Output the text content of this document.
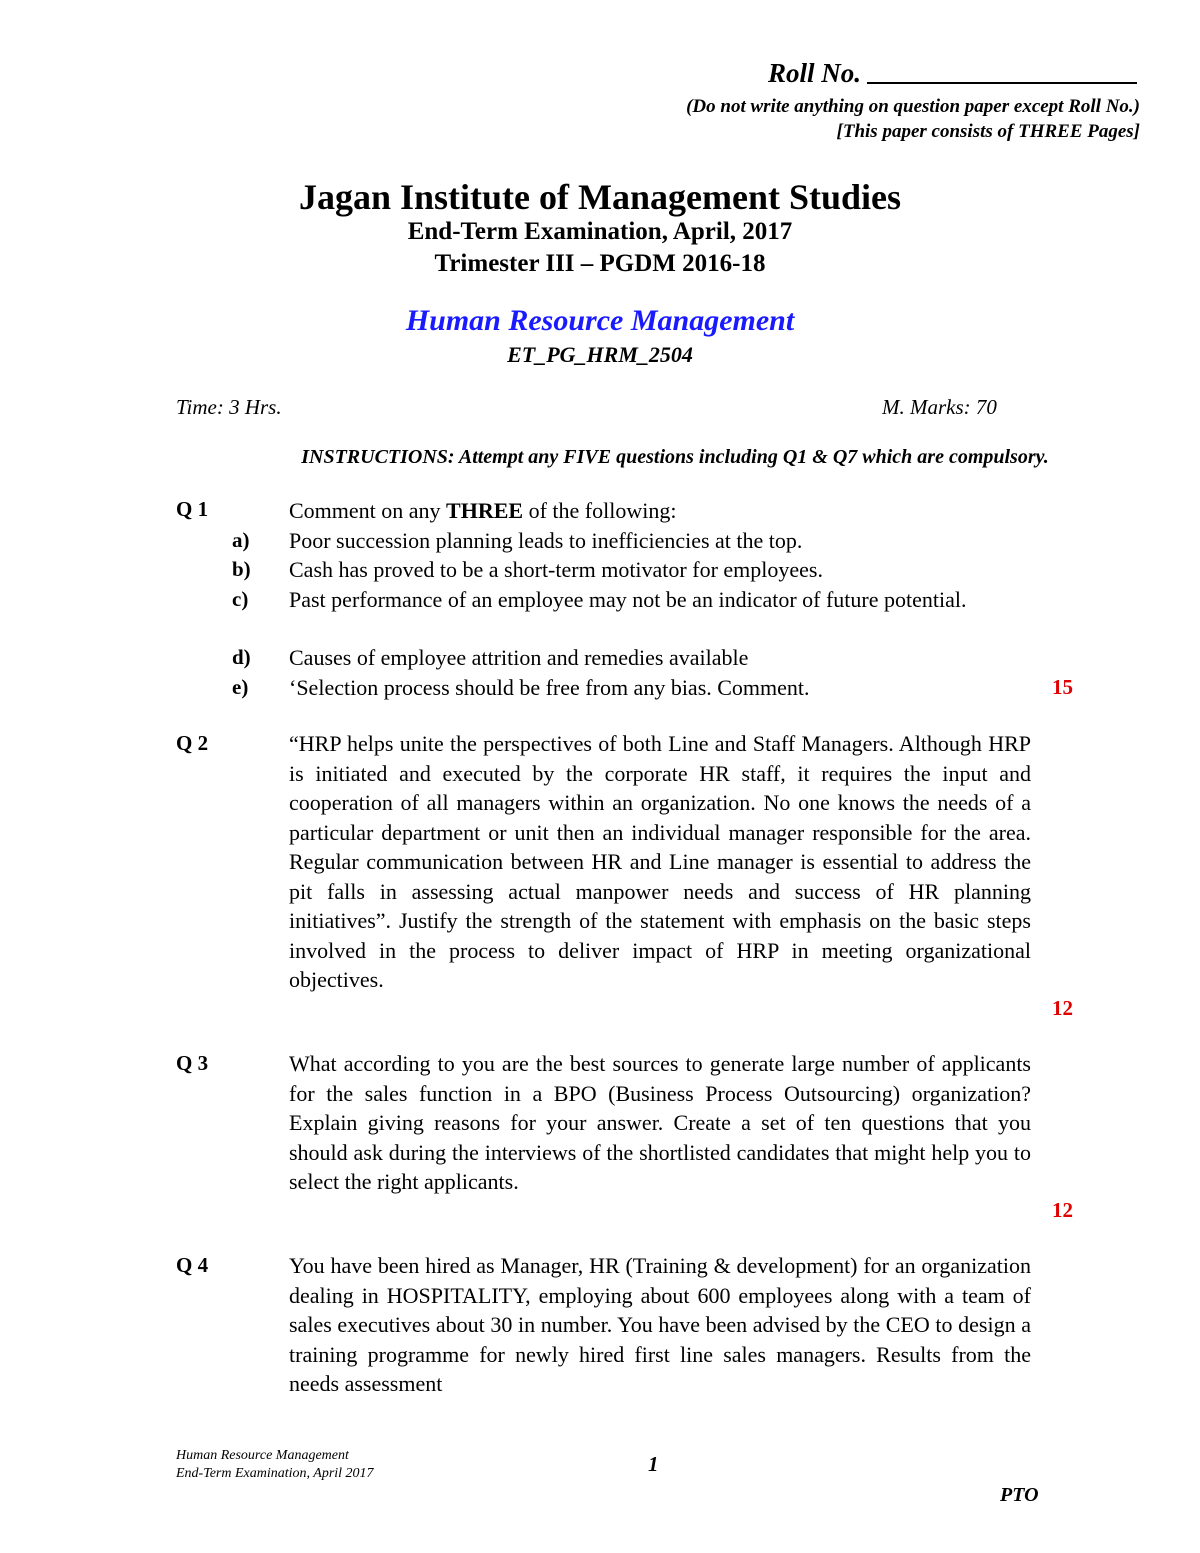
Roll No.
(Do not write anything on question paper except Roll No.)
[This paper consists of THREE Pages]
Jagan Institute of Management Studies
End-Term Examination, April, 2017
Trimester III – PGDM 2016-18
Human Resource Management
ET_PG_HRM_2504
Time: 3 Hrs.	M. Marks: 70
INSTRUCTIONS: Attempt any FIVE questions including Q1 & Q7 which are compulsory.
Q 1	Comment on any THREE of the following:
a) Poor succession planning leads to inefficiencies at the top.
b) Cash has proved to be a short-term motivator for employees.
c) Past performance of an employee may not be an indicator of future potential.
d) Causes of employee attrition and remedies available
e) ‘Selection process should be free from any bias. Comment.	15
Q 2	“HRP helps unite the perspectives of both Line and Staff Managers. Although HRP is initiated and executed by the corporate HR staff, it requires the input and cooperation of all managers within an organization. No one knows the needs of a particular department or unit then an individual manager responsible for the area. Regular communication between HR and Line manager is essential to address the pit falls in assessing actual manpower needs and success of HR planning initiatives”. Justify the strength of the statement with emphasis on the basic steps involved in the process to deliver impact of HRP in meeting organizational objectives.
12
Q 3	What according to you are the best sources to generate large number of applicants for the sales function in a BPO (Business Process Outsourcing) organization? Explain giving reasons for your answer. Create a set of ten questions that you should ask during the interviews of the shortlisted candidates that might help you to select the right applicants.
12
Q 4	You have been hired as Manager, HR (Training & development) for an organization dealing in HOSPITALITY, employing about 600 employees along with a team of sales executives about 30 in number. You have been advised by the CEO to design a training programme for newly hired first line sales managers. Results from the needs assessment
Human Resource Management
End-Term Examination, April 2017	1
PTO
